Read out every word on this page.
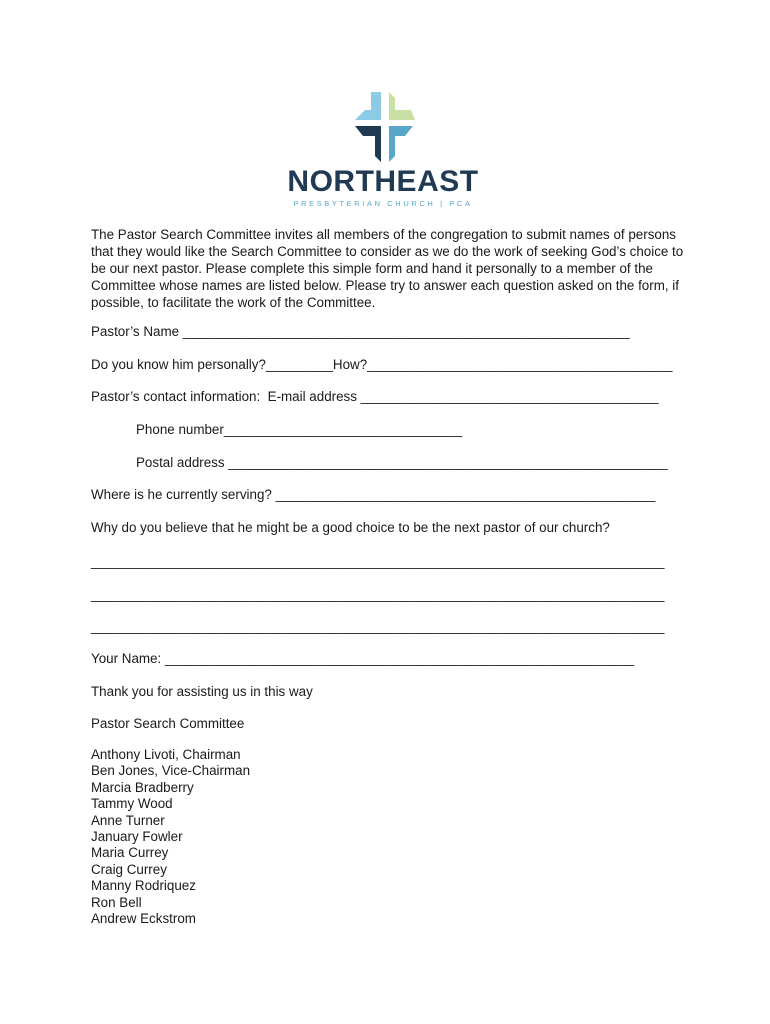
NORTHEAST
PRESBYTERIAN CHURCH | PCA

The Pastor Search Committee invites all members of the congregation to submit names of persons that they would like the Search Committee to consider as we do the work of seeking God’s choice to be our next pastor. Please complete this simple form and hand it personally to a member of the Committee whose names are listed below. Please try to answer each question asked on the form, if possible, to facilitate the work of the Committee.

Pastor’s Name ____________________________________________________________
Do you know him personally?_________How?_________________________________________
Pastor’s contact information:  E-mail address ________________________________________
Phone number________________________________
Postal address ___________________________________________________________
Where is he currently serving? ___________________________________________________
Why do you believe that he might be a good choice to be the next pastor of our church?
_____________________________________________________________________________
_____________________________________________________________________________
_____________________________________________________________________________
Your Name: _______________________________________________________________
Thank you for assisting us in this way
Pastor Search Committee
Anthony Livoti, Chairman
Ben Jones, Vice-Chairman
Marcia Bradberry
Tammy Wood
Anne Turner
January Fowler
Maria Currey
Craig Currey
Manny Rodriquez
Ron Bell
Andrew Eckstrom
